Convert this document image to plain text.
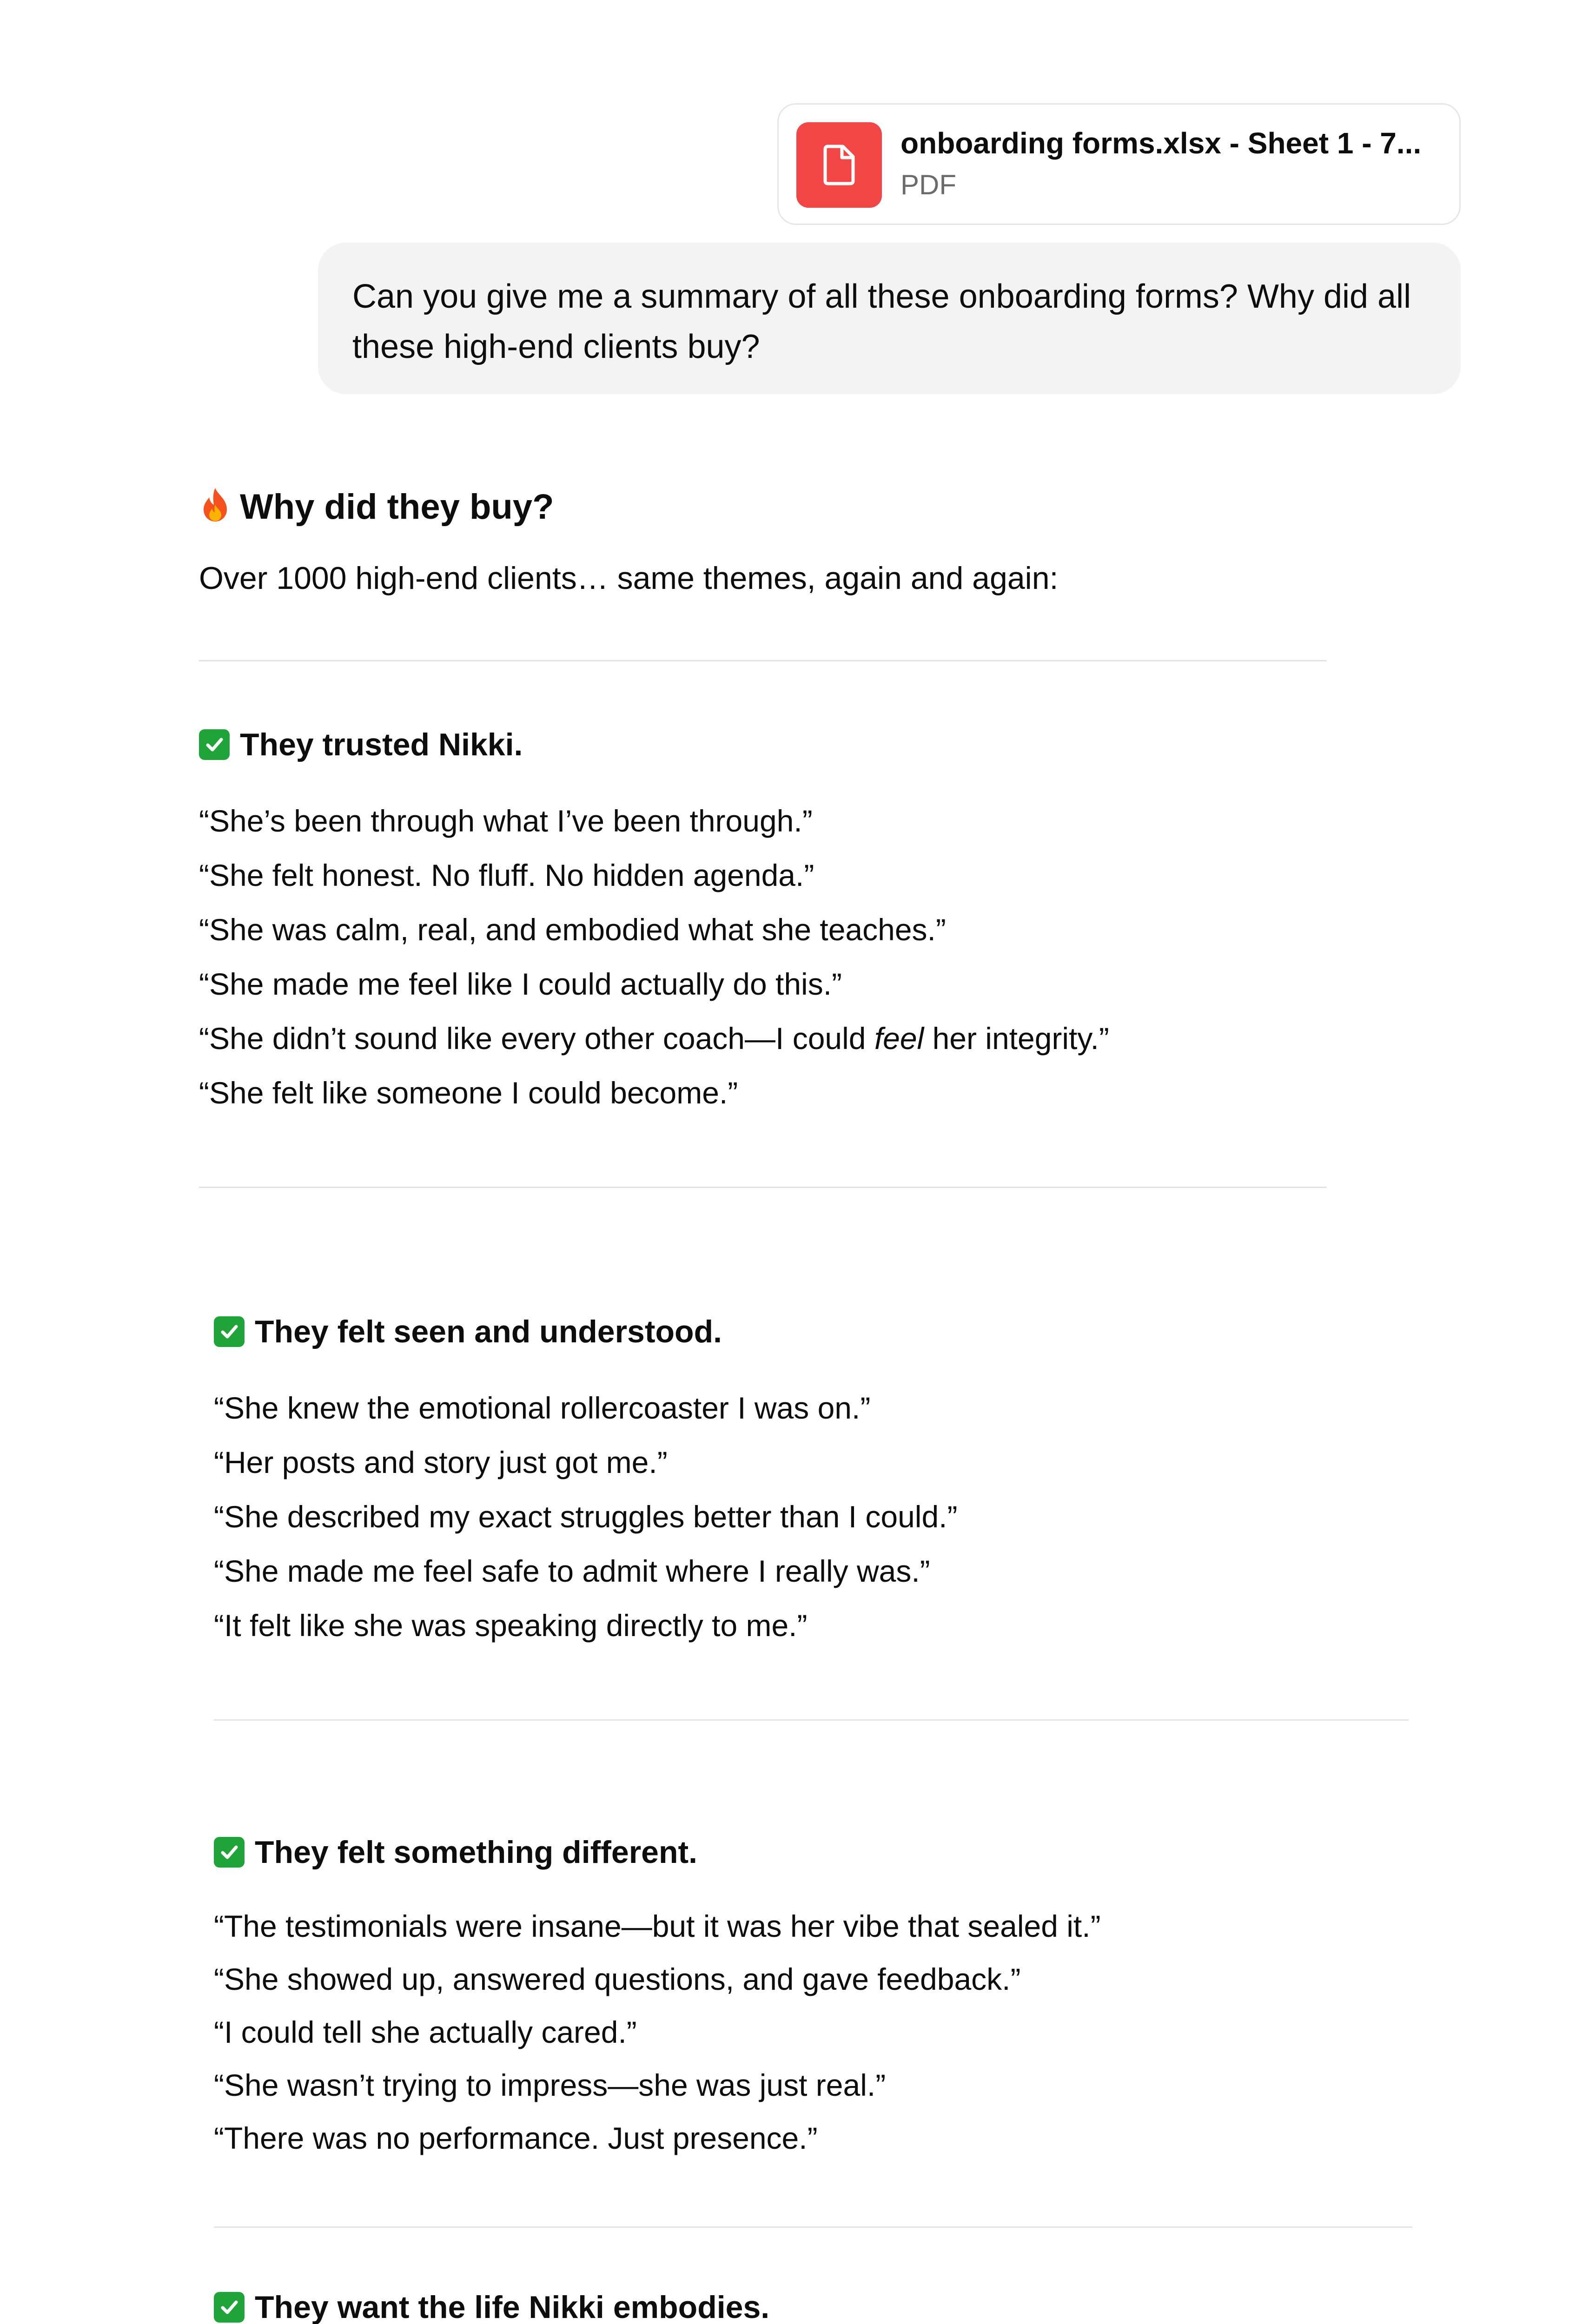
onboarding forms.xlsx - Sheet 1 - 7...
PDF
Can you give me a summary of all these onboarding forms? Why did all these high-end clients buy?
Why did they buy?
Over 1000 high-end clients… same themes, again and again:
They trusted Nikki.
“She’s been through what I’ve been through.”
“She felt honest. No fluff. No hidden agenda.”
“She was calm, real, and embodied what she teaches.”
“She made me feel like I could actually do this.”
“She didn’t sound like every other coach—I could feel her integrity.”
“She felt like someone I could become.”
They felt seen and understood.
“She knew the emotional rollercoaster I was on.”
“Her posts and story just got me.”
“She described my exact struggles better than I could.”
“She made me feel safe to admit where I really was.”
“It felt like she was speaking directly to me.”
They felt something different.
“The testimonials were insane—but it was her vibe that sealed it.”
“She showed up, answered questions, and gave feedback.”
“I could tell she actually cared.”
“She wasn’t trying to impress—she was just real.”
“There was no performance. Just presence.”
They want the life Nikki embodies.
